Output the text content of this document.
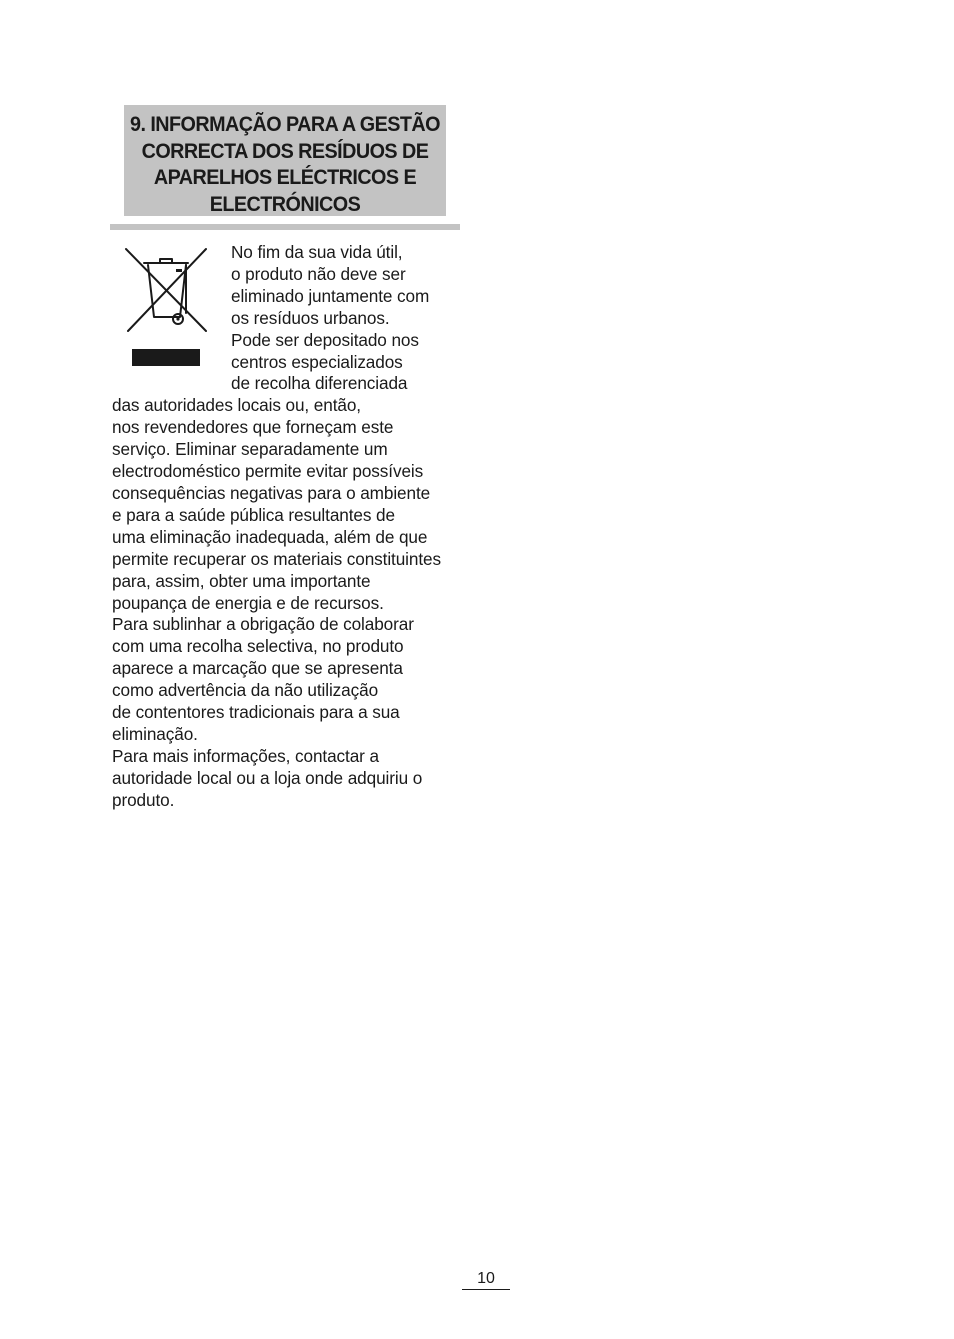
9. INFORMAÇÃO PARA A GESTÃO
CORRECTA DOS RESÍDUOS DE
APARELHOS ELÉCTRICOS E
ELECTRÓNICOS
No fim da sua vida útil,
o produto não deve ser
eliminado juntamente com
os resíduos urbanos.
Pode ser depositado nos
centros especializados
de recolha diferenciada
das autoridades locais ou, então,
nos revendedores que forneçam este
serviço. Eliminar separadamente um
electrodoméstico permite evitar possíveis
consequências negativas para o ambiente
e para a saúde pública resultantes de
uma eliminação inadequada, além de que
permite recuperar os materiais constituintes
para, assim, obter uma importante
poupança de energia e de recursos.
Para sublinhar a obrigação de colaborar
com uma recolha selectiva, no produto
aparece a marcação que se apresenta
como advertência da não utilização
de contentores tradicionais para a sua
eliminação.
Para mais informações, contactar a
autoridade local ou a loja onde adquiriu o
produto.
10
